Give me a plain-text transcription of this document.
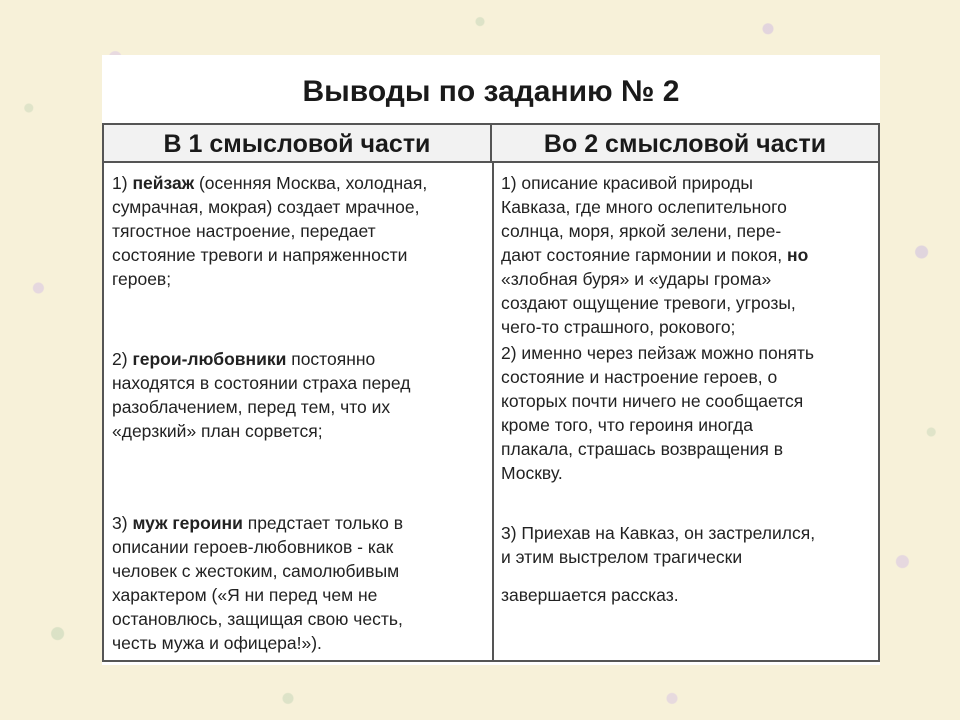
Выводы по заданию № 2
В 1 смысловой части	Во 2 смысловой части
1) пейзаж (осенняя Москва, холодная,
сумрачная, мокрая) создает мрачное,
тягостное настроение, передает
состояние тревоги и напряженности
героев;
2) герои-любовники постоянно
находятся в состоянии страха перед
разоблачением, перед тем, что их
«дерзкий» план сорвется;
3) муж героини предстает только в
описании героев-любовников - как
человек с жестоким, самолюбивым
характером («Я ни перед чем не
остановлюсь, защищая свою честь,
честь мужа и офицера!»).
1) описание красивой природы
Кавказа, где много ослепительного
солнца, моря, яркой зелени, пере-
дают состояние гармонии и покоя, но
«злобная буря» и «удары грома»
создают ощущение тревоги, угрозы,
чего-то страшного, рокового;
2) именно через пейзаж можно понять
состояние и настроение героев, о
которых почти ничего не сообщается
кроме того, что героиня иногда
плакала, страшась возвращения в
Москву.
3) Приехав на Кавказ, он застрелился,
и этим выстрелом трагически
завершается рассказ.
